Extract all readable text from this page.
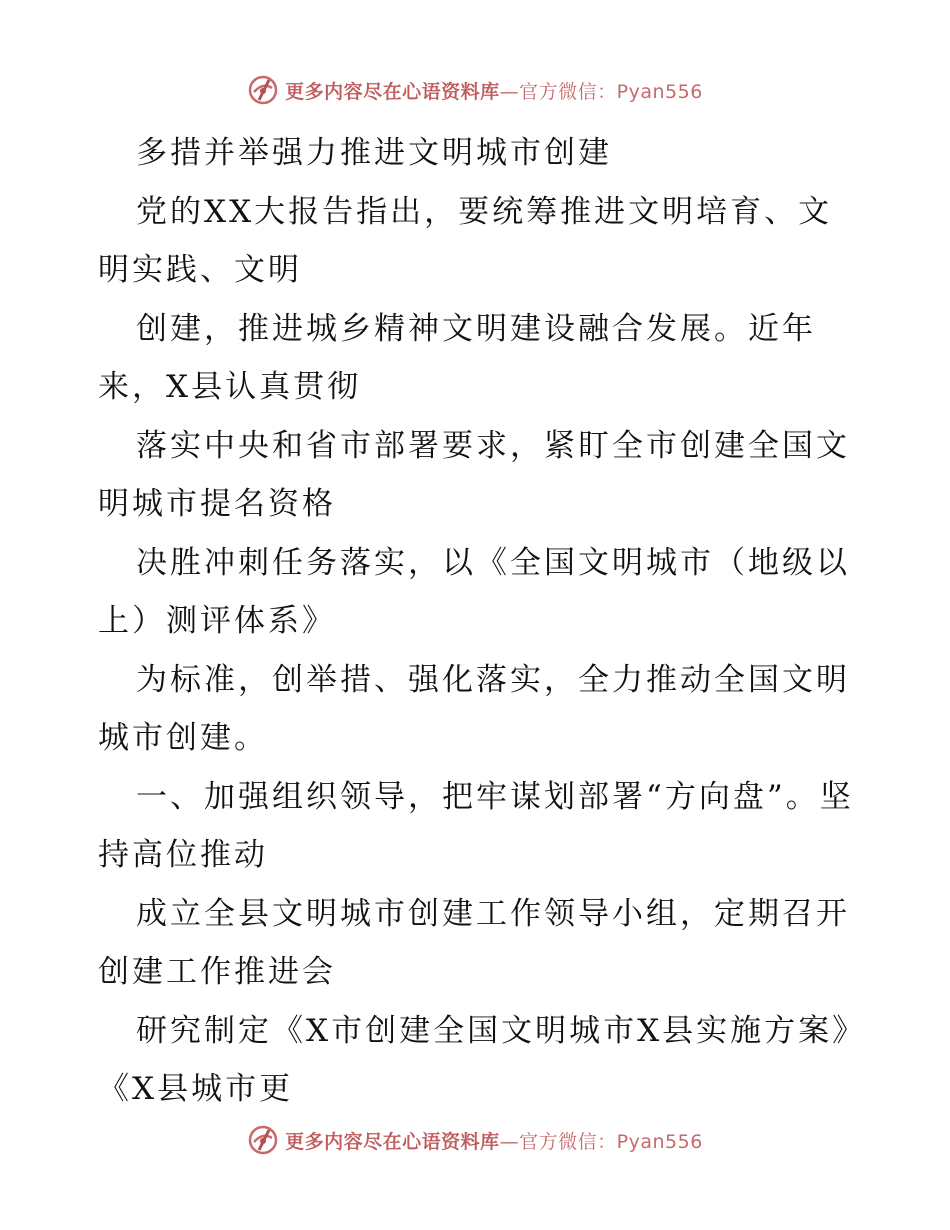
更多内容尽在心语资料库—官方微信：Pyan556

多措并举强力推进文明城市创建

党的XX大报告指出，要统筹推进文明培育、文明实践、文明

创建，推进城乡精神文明建设融合发展。近年来，X县认真贯彻

落实中央和省市部署要求，紧盯全市创建全国文明城市提名资格

决胜冲刺任务落实，以《全国文明城市（地级以上）测评体系》

为标准，创举措、强化落实，全力推动全国文明城市创建。

一、加强组织领导，把牢谋划部署“方向盘”。坚持高位推动

成立全县文明城市创建工作领导小组，定期召开创建工作推进会

研究制定《X市创建全国文明城市X县实施方案》《X县城市更

更多内容尽在心语资料库—官方微信：Pyan556
